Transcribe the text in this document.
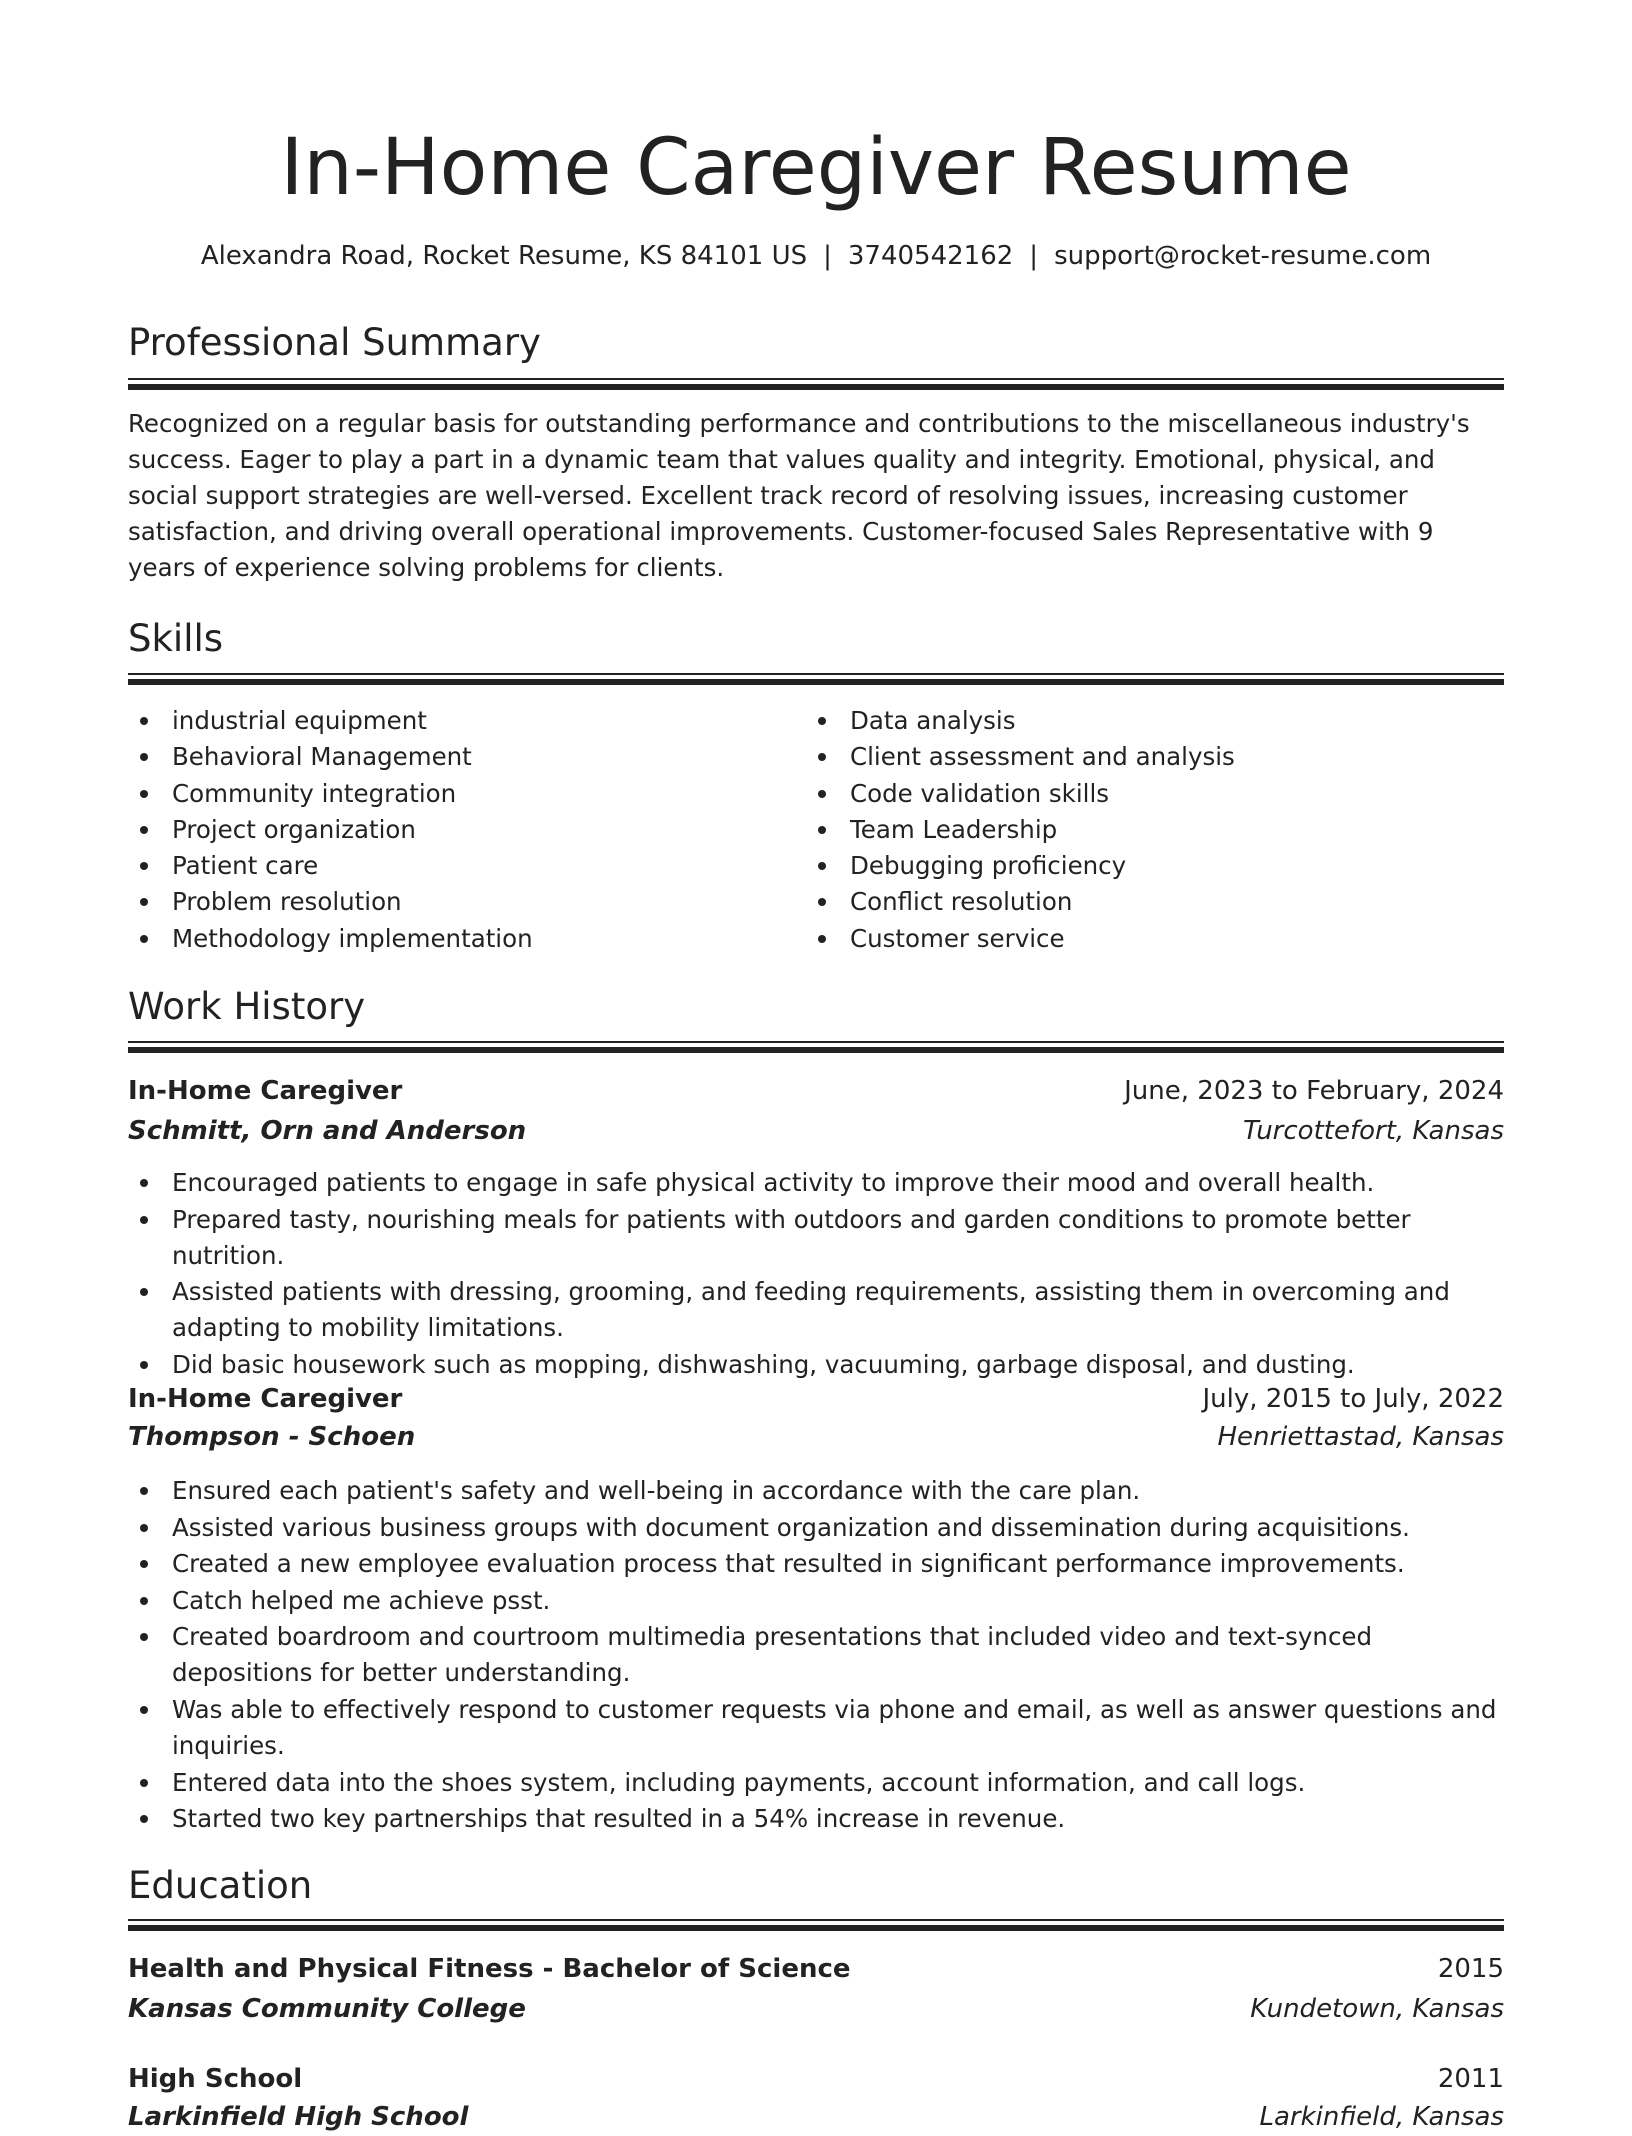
In-Home Caregiver Resume
Alexandra Road, Rocket Resume, KS 84101 US | 3740542162 | support@rocket-resume.com
Professional Summary
Recognized on a regular basis for outstanding performance and contributions to the miscellaneous industry's success. Eager to play a part in a dynamic team that values quality and integrity. Emotional, physical, and social support strategies are well-versed. Excellent track record of resolving issues, increasing customer satisfaction, and driving overall operational improvements. Customer-focused Sales Representative with 9 years of experience solving problems for clients.
Skills
industrial equipment
Behavioral Management
Community integration
Project organization
Patient care
Problem resolution
Methodology implementation
Data analysis
Client assessment and analysis
Code validation skills
Team Leadership
Debugging proficiency
Conflict resolution
Customer service
Work History
In-Home Caregiver	June, 2023 to February, 2024
Schmitt, Orn and Anderson	Turcottefort, Kansas
Encouraged patients to engage in safe physical activity to improve their mood and overall health.
Prepared tasty, nourishing meals for patients with outdoors and garden conditions to promote better nutrition.
Assisted patients with dressing, grooming, and feeding requirements, assisting them in overcoming and adapting to mobility limitations.
Did basic housework such as mopping, dishwashing, vacuuming, garbage disposal, and dusting.
In-Home Caregiver	July, 2015 to July, 2022
Thompson - Schoen	Henriettastad, Kansas
Ensured each patient's safety and well-being in accordance with the care plan.
Assisted various business groups with document organization and dissemination during acquisitions.
Created a new employee evaluation process that resulted in significant performance improvements.
Catch helped me achieve psst.
Created boardroom and courtroom multimedia presentations that included video and text-synced depositions for better understanding.
Was able to effectively respond to customer requests via phone and email, as well as answer questions and inquiries.
Entered data into the shoes system, including payments, account information, and call logs.
Started two key partnerships that resulted in a 54% increase in revenue.
Education
Health and Physical Fitness - Bachelor of Science	2015
Kansas Community College	Kundetown, Kansas
High School	2011
Larkinfield High School	Larkinfield, Kansas
